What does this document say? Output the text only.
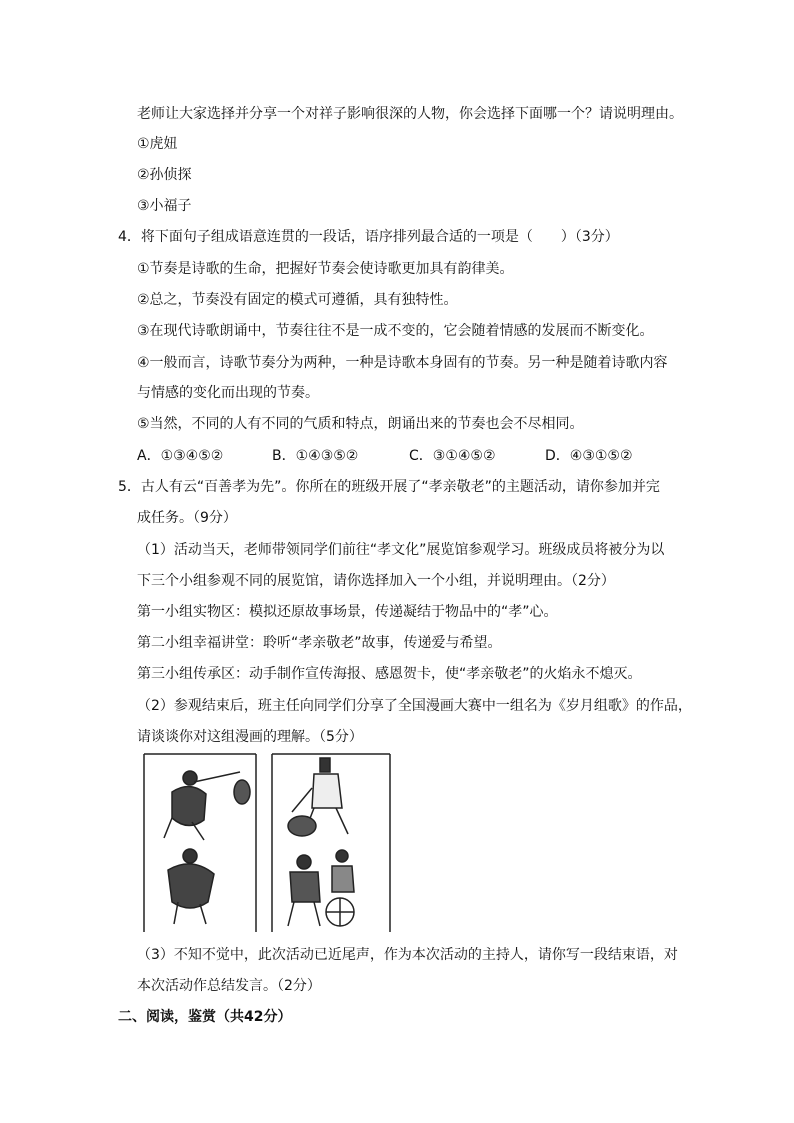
老师让大家选择并分享一个对祥子影响很深的人物，你会选择下面哪一个？请说明理由。
①虎妞
②孙侦探
③小福子
4．将下面句子组成语意连贯的一段话，语序排列最合适的一项是（　　）（3分）
①节奏是诗歌的生命，把握好节奏会使诗歌更加具有韵律美。
②总之，节奏没有固定的模式可遵循，具有独特性。
③在现代诗歌朗诵中，节奏往往不是一成不变的，它会随着情感的发展而不断变化。
④一般而言，诗歌节奏分为两种，一种是诗歌本身固有的节奏。另一种是随着诗歌内容
与情感的变化而出现的节奏。
⑤当然，不同的人有不同的气质和特点，朗诵出来的节奏也会不尽相同。
A．①③④⑤②	B．①④③⑤②	C．③①④⑤②	D．④③①⑤②
5．古人有云“百善孝为先”。你所在的班级开展了“孝亲敬老”的主题活动，请你参加并完
成任务。（9分）
（1）活动当天，老师带领同学们前往“孝文化”展览馆参观学习。班级成员将被分为以
下三个小组参观不同的展览馆，请你选择加入一个小组，并说明理由。（2分）
第一小组实物区：模拟还原故事场景，传递凝结于物品中的“孝”心。
第二小组幸福讲堂：聆听“孝亲敬老”故事，传递爱与希望。
第三小组传承区：动手制作宣传海报、感恩贺卡，使“孝亲敬老”的火焰永不熄灭。
（2）参观结束后，班主任向同学们分享了全国漫画大赛中一组名为《岁月组歌》的作品，
请谈谈你对这组漫画的理解。（5分）
（3）不知不觉中，此次活动已近尾声，作为本次活动的主持人，请你写一段结束语，对
本次活动作总结发言。（2分）
二、阅读，鉴赏（共42分）
